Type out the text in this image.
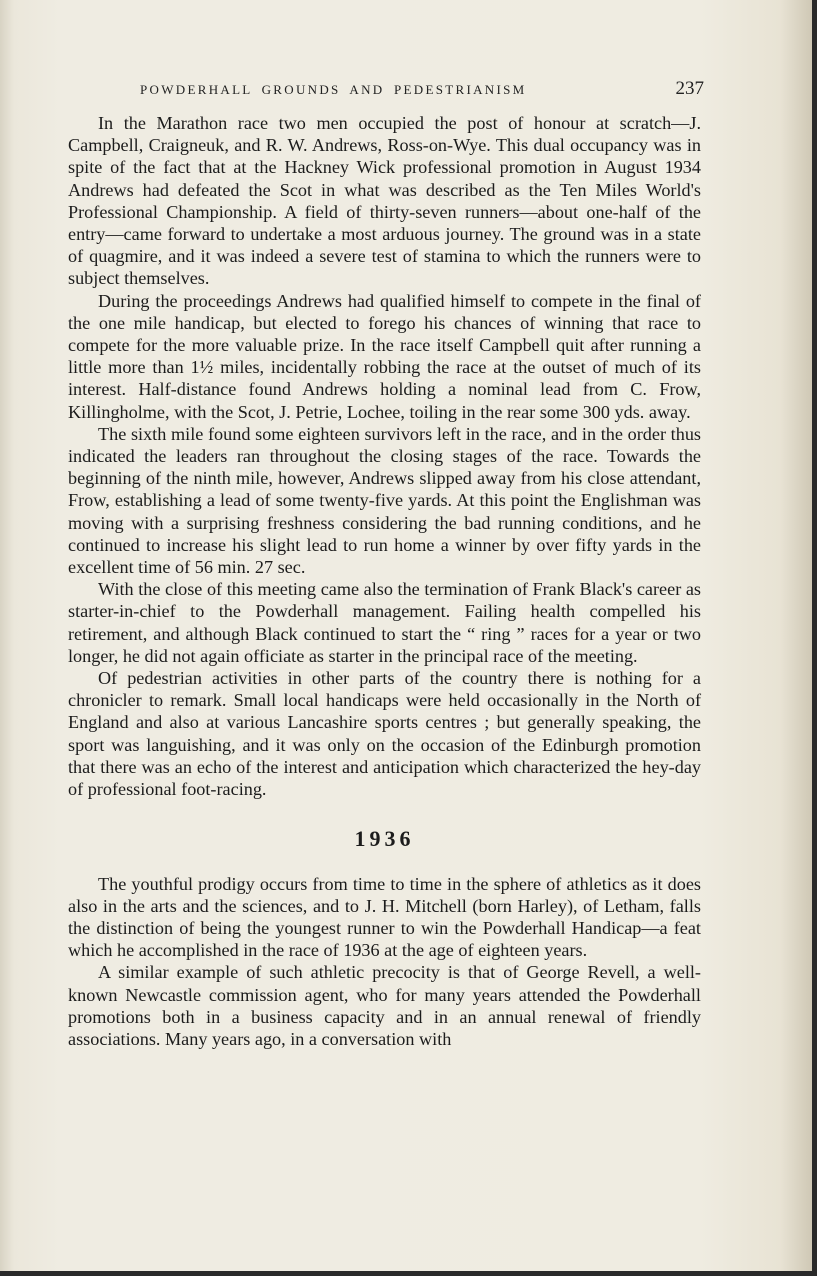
POWDERHALL GROUNDS AND PEDESTRIANISM	237

In the Marathon race two men occupied the post of honour at scratch—J. Campbell, Craigneuk, and R. W. Andrews, Ross-on-Wye. This dual occupancy was in spite of the fact that at the Hackney Wick professional promotion in August 1934 Andrews had defeated the Scot in what was described as the Ten Miles World's Professional Championship. A field of thirty-seven runners—about one-half of the entry—came forward to undertake a most arduous journey. The ground was in a state of quagmire, and it was indeed a severe test of stamina to which the runners were to subject themselves.

During the proceedings Andrews had qualified himself to compete in the final of the one mile handicap, but elected to forego his chances of winning that race to compete for the more valuable prize. In the race itself Campbell quit after running a little more than 1½ miles, incidentally robbing the race at the outset of much of its interest. Half-distance found Andrews holding a nominal lead from C. Frow, Killingholme, with the Scot, J. Petrie, Lochee, toiling in the rear some 300 yds. away.

The sixth mile found some eighteen survivors left in the race, and in the order thus indicated the leaders ran throughout the closing stages of the race. Towards the beginning of the ninth mile, however, Andrews slipped away from his close attendant, Frow, establishing a lead of some twenty-five yards. At this point the Englishman was moving with a surprising freshness considering the bad running conditions, and he continued to increase his slight lead to run home a winner by over fifty yards in the excellent time of 56 min. 27 sec.

With the close of this meeting came also the termination of Frank Black's career as starter-in-chief to the Powderhall management. Failing health compelled his retirement, and although Black continued to start the “ ring ” races for a year or two longer, he did not again officiate as starter in the principal race of the meeting.

Of pedestrian activities in other parts of the country there is nothing for a chronicler to remark. Small local handicaps were held occasionally in the North of England and also at various Lancashire sports centres ; but generally speaking, the sport was languishing, and it was only on the occasion of the Edinburgh promotion that there was an echo of the interest and anticipation which characterized the hey-day of professional foot-racing.

1936

The youthful prodigy occurs from time to time in the sphere of athletics as it does also in the arts and the sciences, and to J. H. Mitchell (born Harley), of Letham, falls the distinction of being the youngest runner to win the Powderhall Handicap—a feat which he accomplished in the race of 1936 at the age of eighteen years.

A similar example of such athletic precocity is that of George Revell, a well-known Newcastle commission agent, who for many years attended the Powderhall promotions both in a business capacity and in an annual renewal of friendly associations. Many years ago, in a conversation with
